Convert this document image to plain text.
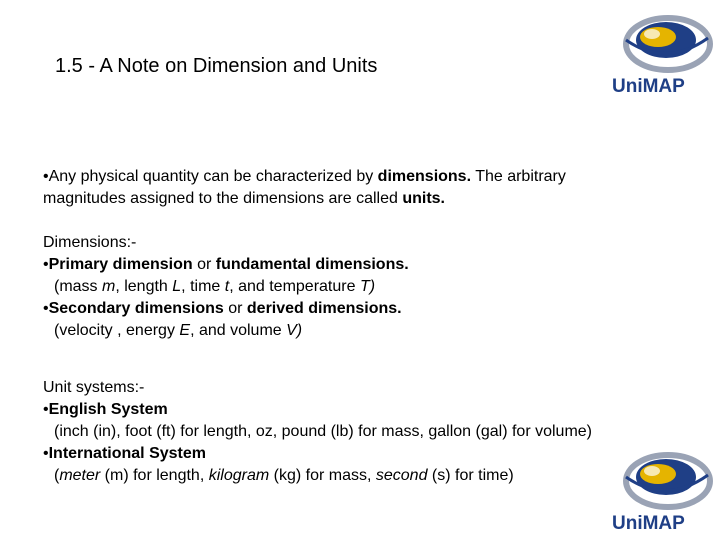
1.5 - A Note on Dimension and Units
UniMAP
UniMAP
•Any physical quantity can be characterized by dimensions. The arbitrary
magnitudes assigned to the dimensions are called units.
Dimensions:-
•Primary dimension or fundamental dimensions.
(mass m, length L, time t, and temperature T)
•Secondary dimensions or derived dimensions.
(velocity , energy E, and volume V)
Unit systems:-
•English System
(inch (in), foot (ft) for length, oz, pound (lb) for mass, gallon (gal) for volume)
•International System
(meter (m) for length, kilogram (kg) for mass, second (s) for time)
